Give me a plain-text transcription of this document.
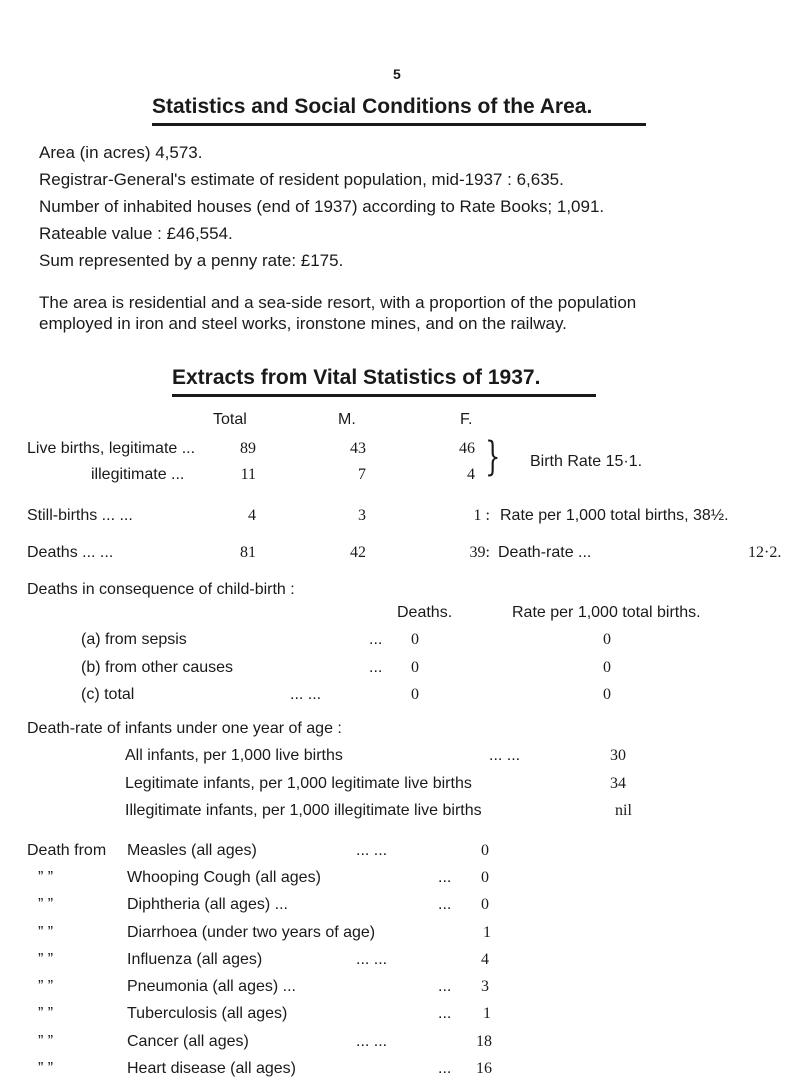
5
Statistics and Social Conditions of the Area.
Area (in acres) 4,573.
Registrar-General's estimate of resident population, mid-1937 : 6,635.
Number of inhabited houses (end of 1937) according to Rate Books; 1,091.
Rateable value : £46,554.
Sum represented by a penny rate: £175.
The area is residential and a sea-side resort, with a proportion of the population
employed in iron and steel works, ironstone mines, and on the railway.
Extracts from Vital Statistics of 1937.
Total	M.	F.
Live births, legitimate ...	89	43	46
illegitimate ...	11	7	4 } Birth Rate 15·1.
Still-births ... ...	4	3	1 : Rate per 1,000 total births, 38½.
Deaths ... ...	81	42	39: Death-rate ...	12·2.
Deaths in consequence of child-birth :
Deaths.	Rate per 1,000 total births.
(a) from sepsis	... 0	0
(b) from other causes	... 0	0
(c) total	... ...	0	0
Death-rate of infants under one year of age :
All infants, per 1,000 live births	... ...	30
Legitimate infants, per 1,000 legitimate live births	34
Illegitimate infants, per 1,000 illegitimate live births	nil
Death from Measles (all ages)	... ...	0
” ”	Whooping Cough (all ages)	... 0
” ”	Diphtheria (all ages) ...	... 0
” ”	Diarrhoea (under two years of age)	1
” ”	Influenza (all ages)	... ...	4
” ”	Pneumonia (all ages) ...	... 3
” ”	Tuberculosis (all ages)	... 1
” ”	Cancer (all ages)	... ...	18
” ”	Heart disease (all ages)	... 16
